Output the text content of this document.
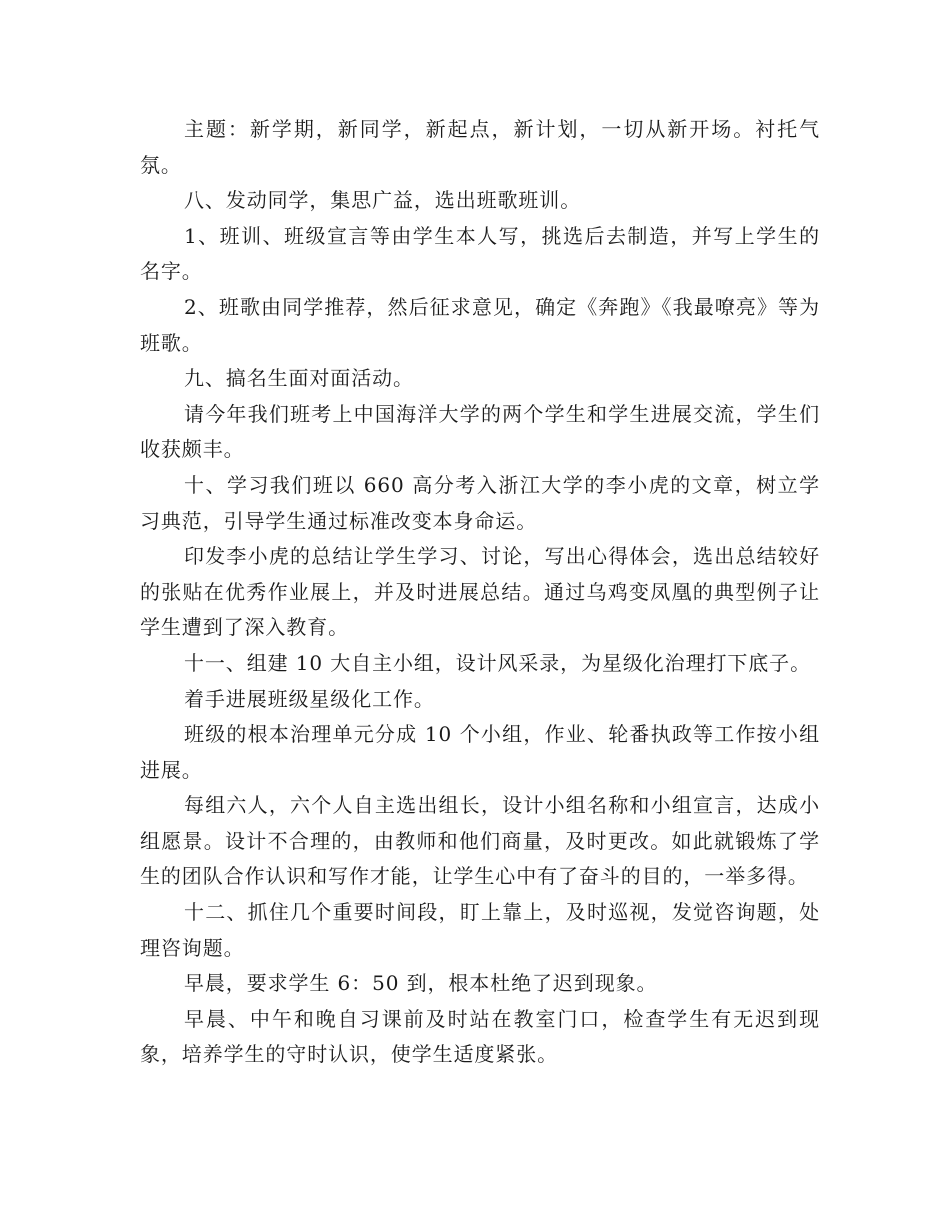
主题：新学期，新同学，新起点，新计划，一切从新开场。衬托气氛。

八、发动同学，集思广益，选出班歌班训。

1、班训、班级宣言等由学生本人写，挑选后去制造，并写上学生的名字。

2、班歌由同学推荐，然后征求意见，确定《奔跑》《我最嘹亮》等为班歌。

九、搞名生面对面活动。

请今年我们班考上中国海洋大学的两个学生和学生进展交流，学生们收获颇丰。

十、学习我们班以 660 高分考入浙江大学的李小虎的文章，树立学习典范，引导学生通过标准改变本身命运。

印发李小虎的总结让学生学习、讨论，写出心得体会，选出总结较好的张贴在优秀作业展上，并及时进展总结。通过乌鸡变凤凰的典型例子让学生遭到了深入教育。

十一、组建 10 大自主小组，设计风采录，为星级化治理打下底子。

着手进展班级星级化工作。

班级的根本治理单元分成 10 个小组，作业、轮番执政等工作按小组进展。

每组六人，六个人自主选出组长，设计小组名称和小组宣言，达成小组愿景。设计不合理的，由教师和他们商量，及时更改。如此就锻炼了学生的团队合作认识和写作才能，让学生心中有了奋斗的目的，一举多得。

十二、抓住几个重要时间段，盯上靠上，及时巡视，发觉咨询题，处理咨询题。

早晨，要求学生 6：50 到，根本杜绝了迟到现象。

早晨、中午和晚自习课前及时站在教室门口，检查学生有无迟到现象，培养学生的守时认识，使学生适度紧张。
